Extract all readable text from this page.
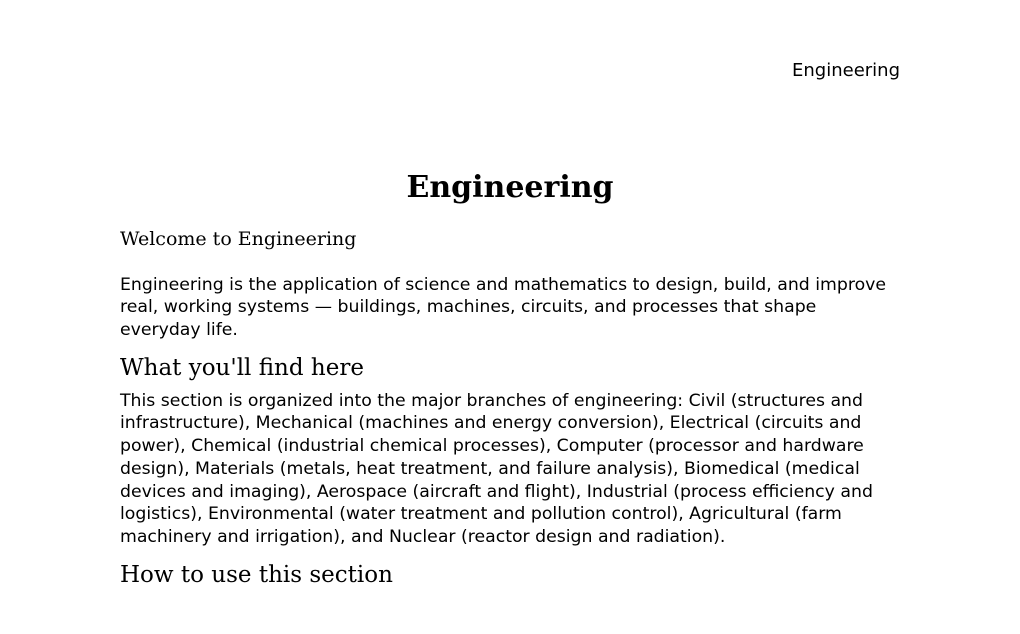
Engineering
Engineering
Welcome to Engineering

Engineering is the application of science and mathematics to design, build, and improve real, working systems — buildings, machines, circuits, and processes that shape everyday life.

What you'll find here

This section is organized into the major branches of engineering: Civil (structures and infrastructure), Mechanical (machines and energy conversion), Electrical (circuits and power), Chemical (industrial chemical processes), Computer (processor and hardware design), Materials (metals, heat treatment, and failure analysis), Biomedical (medical devices and imaging), Aerospace (aircraft and flight), Industrial (process efficiency and logistics), Environmental (water treatment and pollution control), Agricultural (farm machinery and irrigation), and Nuclear (reactor design and radiation).

How to use this section
